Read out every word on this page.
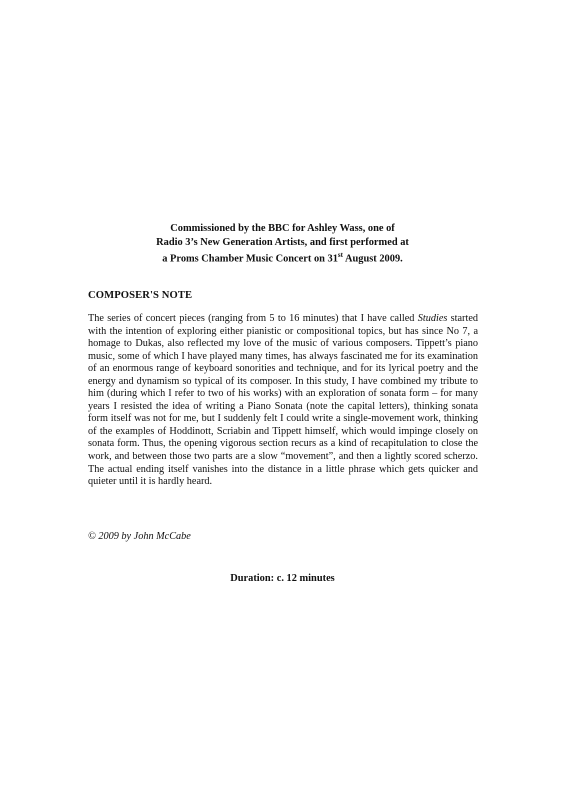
Commissioned by the BBC for Ashley Wass, one of
Radio 3’s New Generation Artists, and first performed at
a Proms Chamber Music Concert on 31st August 2009.
COMPOSER'S NOTE

The series of concert pieces (ranging from 5 to 16 minutes) that I have called Studies started with the intention of exploring either pianistic or compositional topics, but has since No 7, a homage to Dukas, also reflected my love of the music of various composers. Tippett’s piano music, some of which I have played many times, has always fascinated me for its examination of an enormous range of keyboard sonorities and technique, and for its lyrical poetry and the energy and dynamism so typical of its composer. In this study, I have combined my tribute to him (during which I refer to two of his works) with an exploration of sonata form – for many years I resisted the idea of writing a Piano Sonata (note the capital letters), thinking sonata form itself was not for me, but I suddenly felt I could write a single-movement work, thinking of the examples of Hoddinott, Scriabin and Tippett himself, which would impinge closely on sonata form. Thus, the opening vigorous section recurs as a kind of recapitulation to close the work, and between those two parts are a slow “movement”, and then a lightly scored scherzo. The actual ending itself vanishes into the distance in a little phrase which gets quicker and quieter until it is hardly heard.

© 2009 by John McCabe
Duration: c. 12 minutes
